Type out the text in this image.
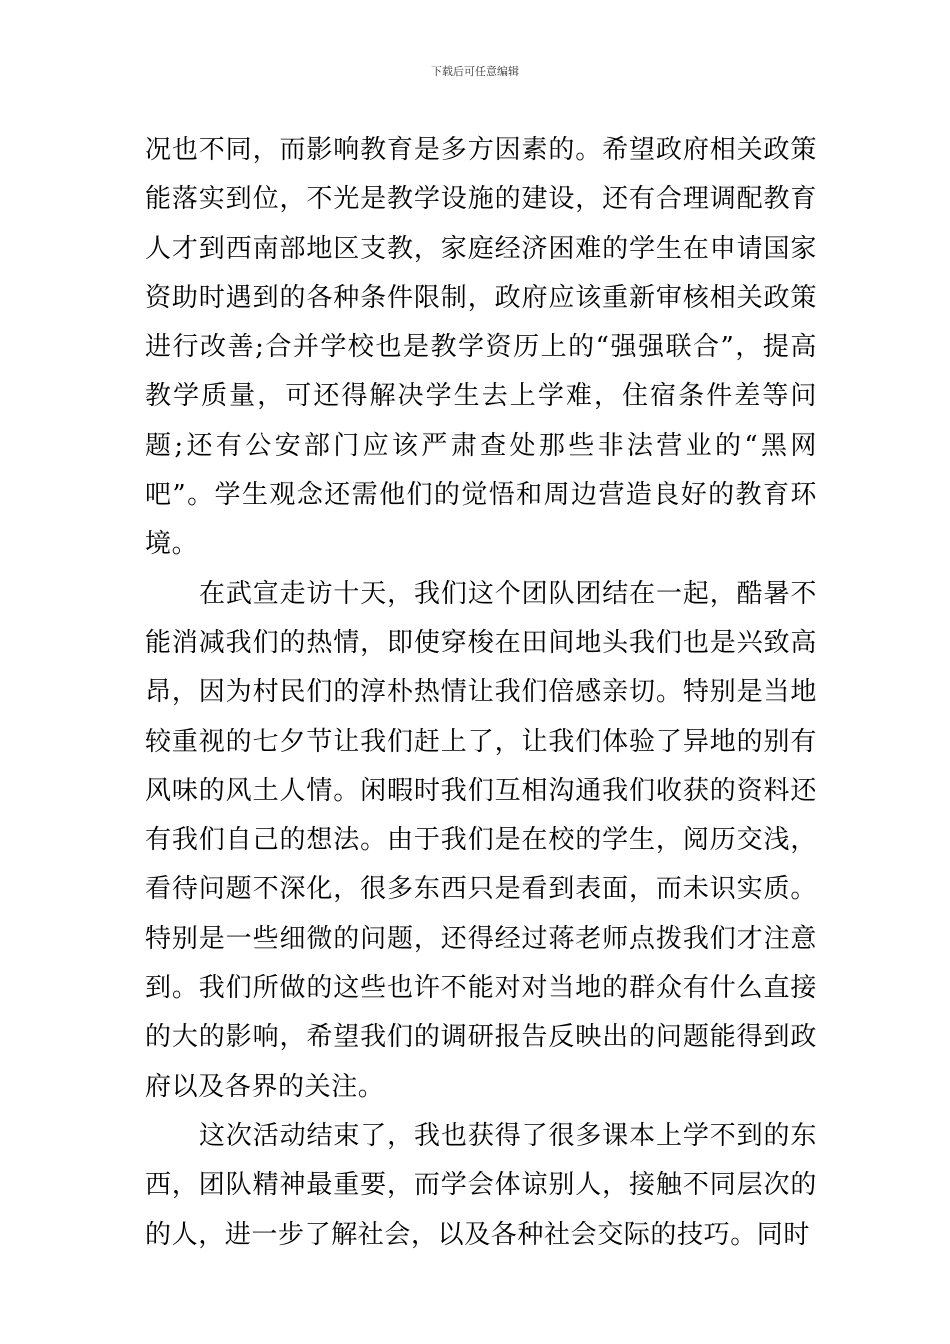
下载后可任意编辑

况也不同，而影响教育是多方因素的。希望政府相关政策能落实到位，不光是教学设施的建设，还有合理调配教育人才到西南部地区支教，家庭经济困难的学生在申请国家资助时遇到的各种条件限制，政府应该重新审核相关政策进行改善;合并学校也是教学资历上的“强强联合”，提高教学质量，可还得解决学生去上学难，住宿条件差等问题;还有公安部门应该严肃查处那些非法营业的“黑网吧”。学生观念还需他们的觉悟和周边营造良好的教育环境。

在武宣走访十天，我们这个团队团结在一起，酷暑不能消减我们的热情，即使穿梭在田间地头我们也是兴致高昂，因为村民们的淳朴热情让我们倍感亲切。特别是当地较重视的七夕节让我们赶上了，让我们体验了异地的别有风味的风土人情。闲暇时我们互相沟通我们收获的资料还有我们自己的想法。由于我们是在校的学生，阅历交浅，看待问题不深化，很多东西只是看到表面，而未识实质。特别是一些细微的问题，还得经过蒋老师点拨我们才注意到。我们所做的这些也许不能对对当地的群众有什么直接的大的影响，希望我们的调研报告反映出的问题能得到政府以及各界的关注。

这次活动结束了，我也获得了很多课本上学不到的东西，团队精神最重要，而学会体谅别人，接触不同层次的的人，进一步了解社会，以及各种社会交际的技巧。同时
